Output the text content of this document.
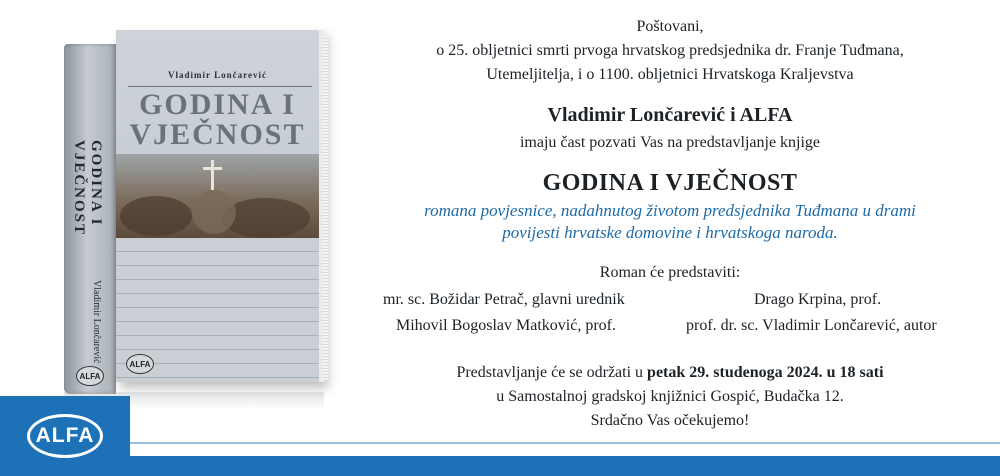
GODINA I VJEČNOST
Vladimir Lončarević
ALFA
Vladimir Lončarević
GODINA I
VJEČNOST
ALFA
Poštovani,
o 25. obljetnici smrti prvoga hrvatskog predsjednika dr. Franje Tuđmana,
Utemeljitelja, i o 1100. obljetnici Hrvatskoga Kraljevstva
Vladimir Lončarević i ALFA
imaju čast pozvati Vas na predstavljanje knjige
GODINA I VJEČNOST
romana povjesnice, nadahnutog životom predsjednika Tuđmana u drami
povijesti hrvatske domovine i hrvatskoga naroda.
Roman će predstaviti:
mr. sc. Božidar Petrač, glavni urednik	Drago Krpina, prof.
Mihovil Bogoslav Matković, prof.	prof. dr. sc. Vladimir Lončarević, autor
Predstavljanje će se održati u petak 29. studenoga 2024. u 18 sati
u Samostalnoj gradskoj knjižnici Gospić, Budačka 12.
Srdačno Vas očekujemo!
ALFA
